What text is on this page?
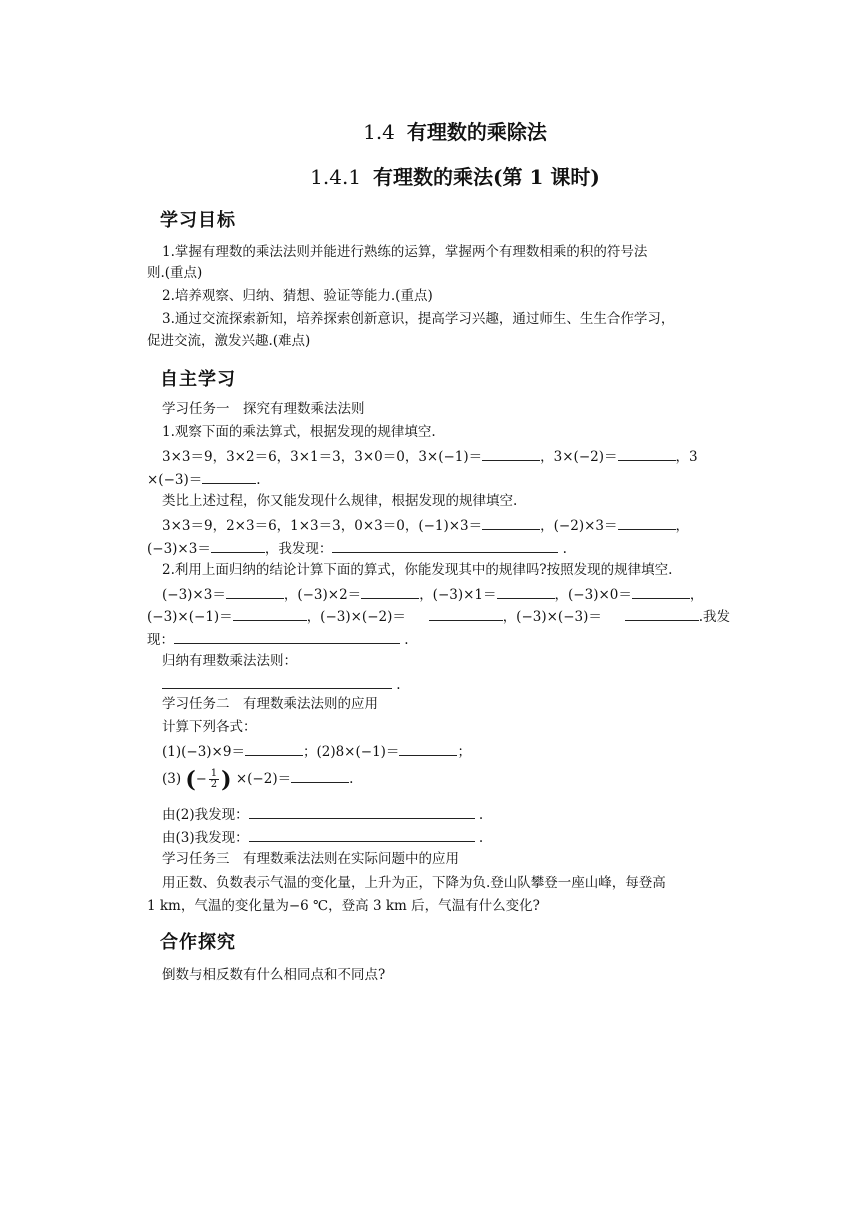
1.4 有理数的乘除法
1.4.1 有理数的乘法(第 1 课时)
学习目标
1.掌握有理数的乘法法则并能进行熟练的运算，掌握两个有理数相乘的积的符号法
则.(重点)
2.培养观察、归纳、猜想、验证等能力.(重点)
3.通过交流探索新知，培养探索创新意识，提高学习兴趣，通过师生、生生合作学习，
促进交流，激发兴趣.(难点)
自主学习
学习任务一　探究有理数乘法法则
1.观察下面的乘法算式，根据发现的规律填空.
3×3＝9，3×2＝6，3×1＝3，3×0＝0，3×(−1)＝	，3×(−2)＝	，3
×(−3)＝	.
类比上述过程，你又能发现什么规律，根据发现的规律填空.
3×3＝9，2×3＝6，1×3＝3，0×3＝0，(−1)×3＝	，(−2)×3＝	，
(−3)×3＝	，我发现：	.
2.利用上面归纳的结论计算下面的算式，你能发现其中的规律吗?按照发现的规律填空.
(−3)×3＝	，(−3)×2＝	，(−3)×1＝	，(−3)×0＝	，
(−3)×(−1)＝	，(−3)×(−2)＝	，(−3)×(−3)＝	.我发
现：	.
归纳有理数乘法法则：
.
学习任务二　有理数乘法法则的应用
计算下列各式：
(1)(−3)×9＝	；(2)8×(−1)＝	；
(3) ( − $\frac{1}{2}$ ) ×(−2)＝	.
由(2)我发现：	.
由(3)我发现：	.
学习任务三　有理数乘法法则在实际问题中的应用
用正数、负数表示气温的变化量，上升为正，下降为负.登山队攀登一座山峰，每登高
1 km，气温的变化量为−6 ℃，登高 3 km 后，气温有什么变化?
合作探究
倒数与相反数有什么相同点和不同点?
